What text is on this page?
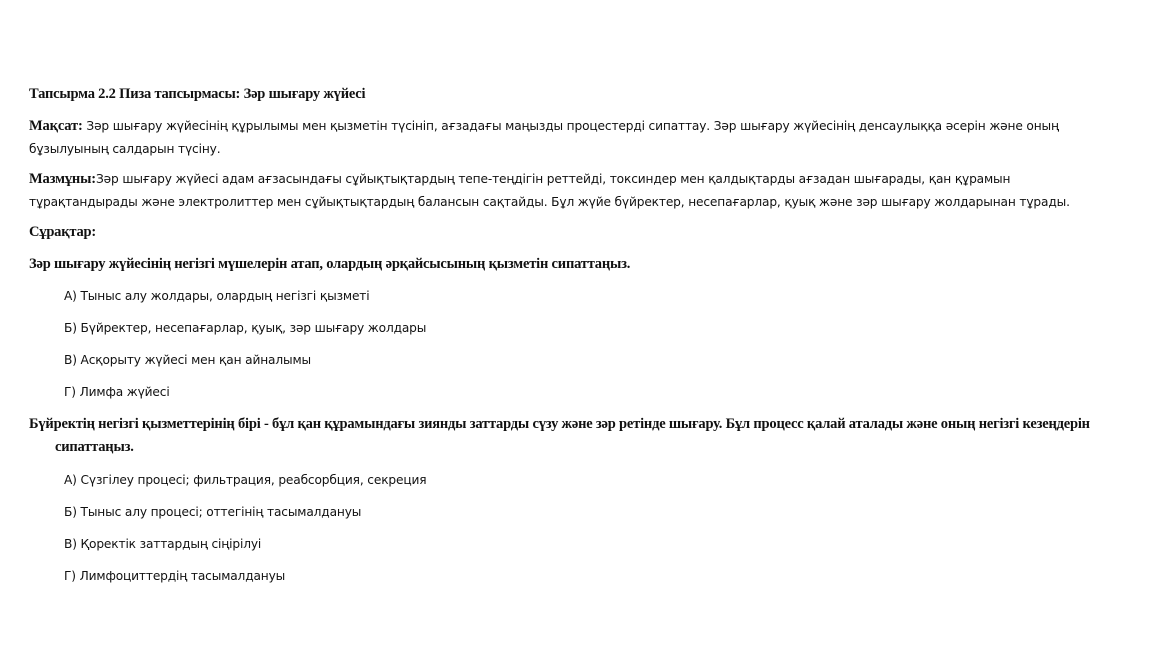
Тапсырма 2.2 Пиза тапсырмасы: Зәр шығару жүйесі

Мақсат: Зәр шығару жүйесінің құрылымы мен қызметін түсініп, ағзадағы маңызды процестерді сипаттау. Зәр шығару жүйесінің денсаулыққа әсерін және оның бұзылуының салдарын түсіну.

Мазмұны:Зәр шығару жүйесі адам ағзасындағы сұйықтықтардың тепе-теңдігін реттейді, токсиндер мен қалдықтарды ағзадан шығарады, қан құрамын тұрақтандырады және электролиттер мен сұйықтықтардың балансын сақтайды. Бұл жүйе бүйректер, несепағарлар, қуық және зәр шығару жолдарынан тұрады.

Сұрақтар:

Зәр шығару жүйесінің негізгі мүшелерін атап, олардың әрқайсысының қызметін сипаттаңыз.

А) Тыныс алу жолдары, олардың негізгі қызметі
Б) Бүйректер, несепағарлар, қуық, зәр шығару жолдары
В) Асқорыту жүйесі мен қан айналымы
Г) Лимфа жүйесі

Бүйректің негізгі қызметтерінің бірі - бұл қан құрамындағы зиянды заттарды сүзу және зәр ретінде шығару. Бұл процесс қалай аталады және оның негізгі кезеңдерін сипаттаңыз.

А) Сүзгілеу процесі; фильтрация, реабсорбция, секреция
Б) Тыныс алу процесі; оттегінің тасымалдануы
В) Қоректік заттардың сіңірілуі
Г) Лимфоциттердің тасымалдануы
